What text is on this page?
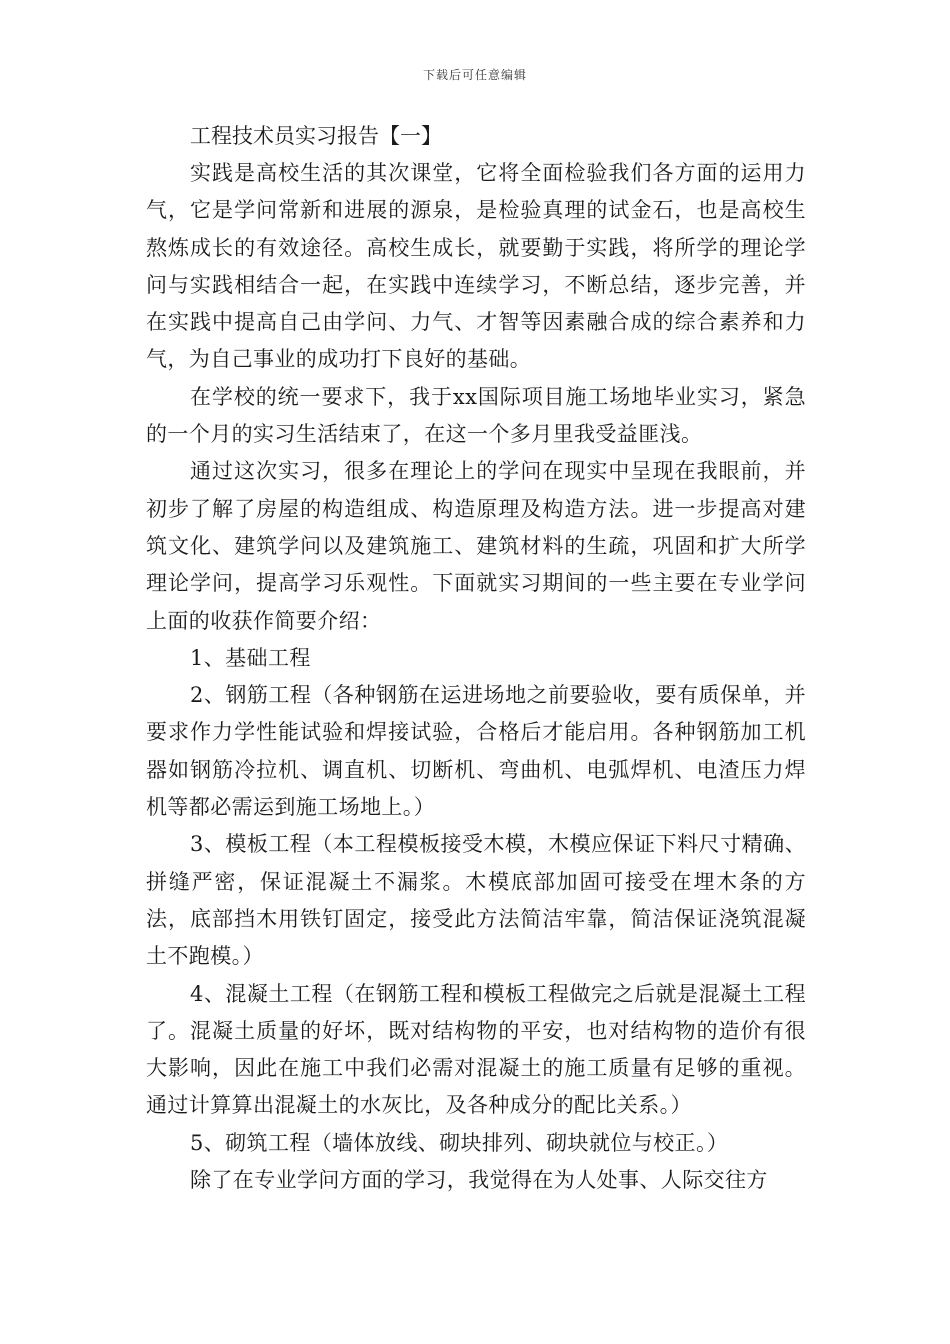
下载后可任意编辑

工程技术员实习报告【一】

实践是高校生活的其次课堂，它将全面检验我们各方面的运用力气，它是学问常新和进展的源泉，是检验真理的试金石，也是高校生熬炼成长的有效途径。高校生成长，就要勤于实践，将所学的理论学问与实践相结合一起，在实践中连续学习，不断总结，逐步完善，并在实践中提高自己由学问、力气、才智等因素融合成的综合素养和力气，为自己事业的成功打下良好的基础。

在学校的统一要求下，我于xx国际项目施工场地毕业实习，紧急的一个月的实习生活结束了，在这一个多月里我受益匪浅。

通过这次实习，很多在理论上的学问在现实中呈现在我眼前，并初步了解了房屋的构造组成、构造原理及构造方法。进一步提高对建筑文化、建筑学问以及建筑施工、建筑材料的生疏，巩固和扩大所学理论学问，提高学习乐观性。下面就实习期间的一些主要在专业学问上面的收获作简要介绍：

1、基础工程

2、钢筋工程（各种钢筋在运进场地之前要验收，要有质保单，并要求作力学性能试验和焊接试验，合格后才能启用。各种钢筋加工机器如钢筋冷拉机、调直机、切断机、弯曲机、电弧焊机、电渣压力焊机等都必需运到施工场地上。）

3、模板工程（本工程模板接受木模，木模应保证下料尺寸精确、拼缝严密，保证混凝土不漏浆。木模底部加固可接受在埋木条的方法，底部挡木用铁钉固定，接受此方法简洁牢靠，简洁保证浇筑混凝土不跑模。）

4、混凝土工程（在钢筋工程和模板工程做完之后就是混凝土工程了。混凝土质量的好坏，既对结构物的平安，也对结构物的造价有很大影响，因此在施工中我们必需对混凝土的施工质量有足够的重视。通过计算算出混凝土的水灰比，及各种成分的配比关系。）

5、砌筑工程（墙体放线、砌块排列、砌块就位与校正。）

除了在专业学问方面的学习，我觉得在为人处事、人际交往方
